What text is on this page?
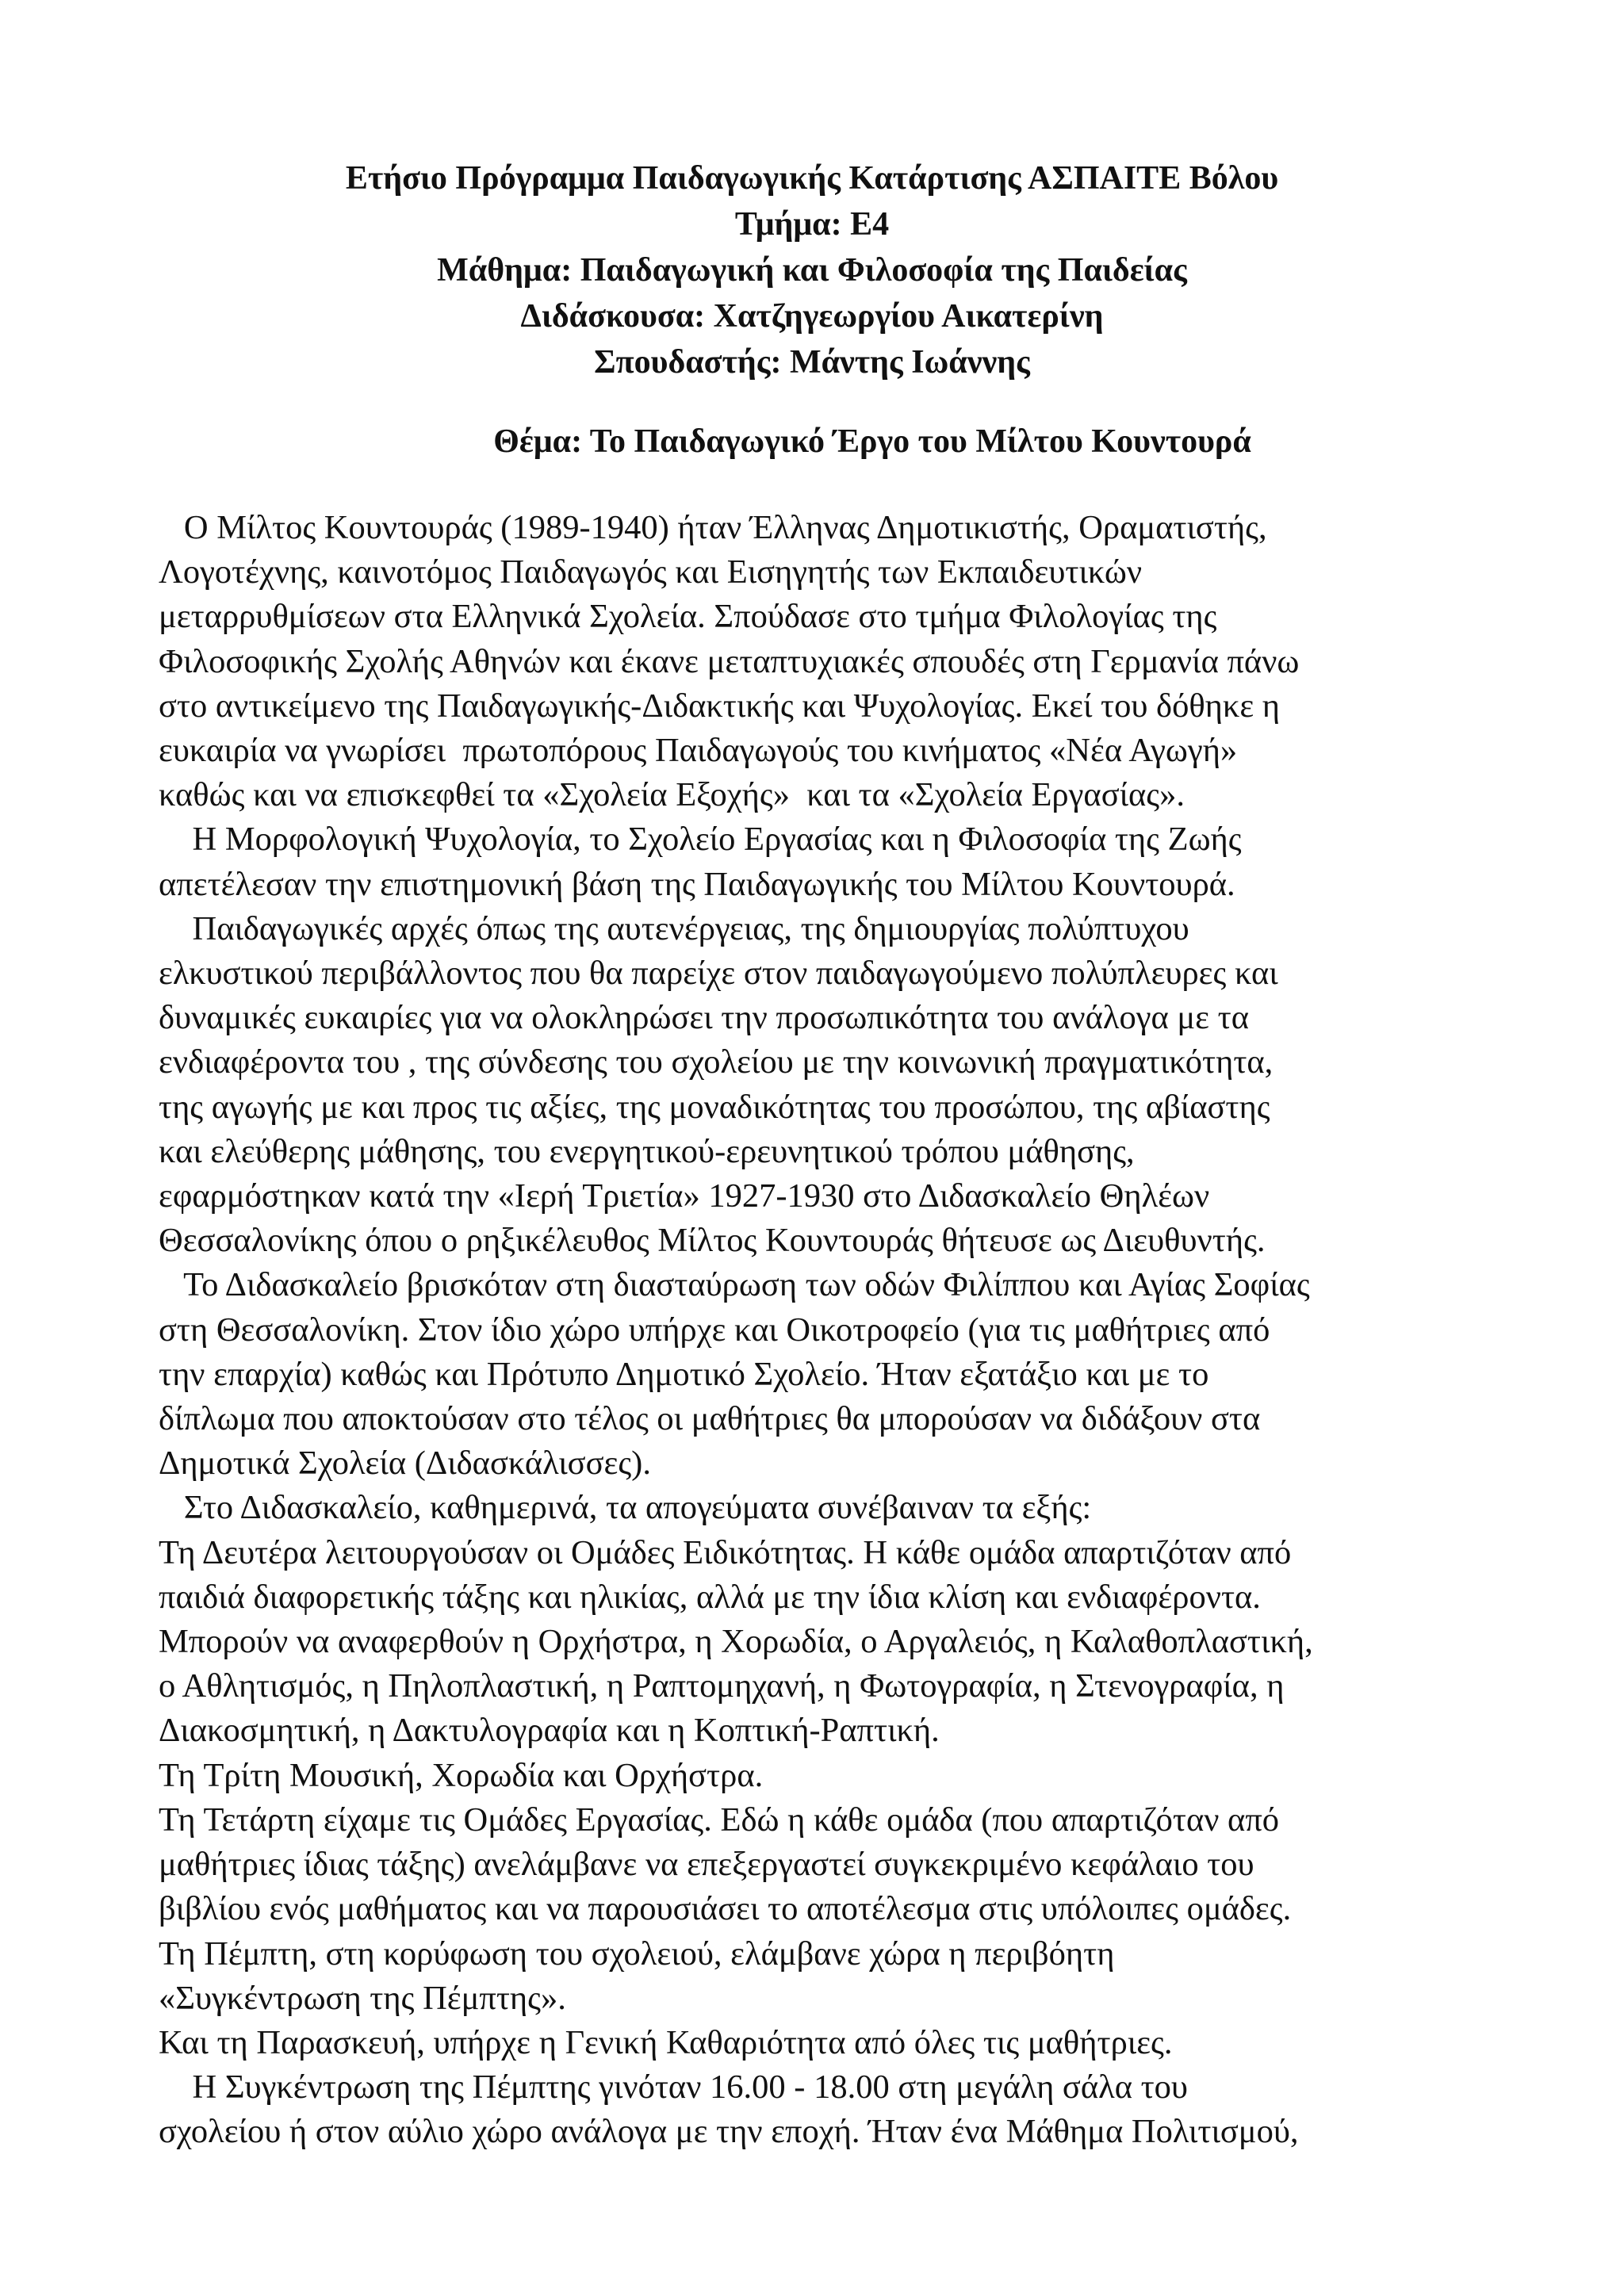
Ετήσιο Πρόγραμμα Παιδαγωγικής Κατάρτισης ΑΣΠΑΙΤΕ Βόλου
Τμήμα: Ε4
Μάθημα: Παιδαγωγική και Φιλοσοφία της Παιδείας
Διδάσκουσα: Χατζηγεωργίου Αικατερίνη
Σπουδαστής: Μάντης Ιωάννης
Θέμα: Το Παιδαγωγικό Έργο του Μίλτου Κουντουρά
Ο Μίλτος Κουντουράς (1989-1940) ήταν Έλληνας Δημοτικιστής, Οραματιστής,
Λογοτέχνης, καινοτόμος Παιδαγωγός και Εισηγητής των Εκπαιδευτικών
μεταρρυθμίσεων στα Ελληνικά Σχολεία. Σπούδασε στο τμήμα Φιλολογίας της
Φιλοσοφικής Σχολής Αθηνών και έκανε μεταπτυχιακές σπουδές στη Γερμανία πάνω
στο αντικείμενο της Παιδαγωγικής-Διδακτικής και Ψυχολογίας. Εκεί του δόθηκε η
ευκαιρία να γνωρίσει  πρωτοπόρους Παιδαγωγούς του κινήματος «Νέα Αγωγή»
καθώς και να επισκεφθεί τα «Σχολεία Εξοχής»  και τα «Σχολεία Εργασίας».
Η Μορφολογική Ψυχολογία, το Σχολείο Εργασίας και η Φιλοσοφία της Ζωής
απετέλεσαν την επιστημονική βάση της Παιδαγωγικής του Μίλτου Κουντουρά.
Παιδαγωγικές αρχές όπως της αυτενέργειας, της δημιουργίας πολύπτυχου
ελκυστικού περιβάλλοντος που θα παρείχε στον παιδαγωγούμενο πολύπλευρες και
δυναμικές ευκαιρίες για να ολοκληρώσει την προσωπικότητα του ανάλογα με τα
ενδιαφέροντα του , της σύνδεσης του σχολείου με την κοινωνική πραγματικότητα,
της αγωγής με και προς τις αξίες, της μοναδικότητας του προσώπου, της αβίαστης
και ελεύθερης μάθησης, του ενεργητικού-ερευνητικού τρόπου μάθησης,
εφαρμόστηκαν κατά την «Ιερή Τριετία» 1927-1930 στο Διδασκαλείο Θηλέων
Θεσσαλονίκης όπου ο ρηξικέλευθος Μίλτος Κουντουράς θήτευσε ως Διευθυντής.
Το Διδασκαλείο βρισκόταν στη διασταύρωση των οδών Φιλίππου και Αγίας Σοφίας
στη Θεσσαλονίκη. Στον ίδιο χώρο υπήρχε και Οικοτροφείο (για τις μαθήτριες από
την επαρχία) καθώς και Πρότυπο Δημοτικό Σχολείο. Ήταν εξατάξιο και με το
δίπλωμα που αποκτούσαν στο τέλος οι μαθήτριες θα μπορούσαν να διδάξουν στα
Δημοτικά Σχολεία (Διδασκάλισσες).
Στο Διδασκαλείο, καθημερινά, τα απογεύματα συνέβαιναν τα εξής:
Τη Δευτέρα λειτουργούσαν οι Ομάδες Ειδικότητας. Η κάθε ομάδα απαρτιζόταν από
παιδιά διαφορετικής τάξης και ηλικίας, αλλά με την ίδια κλίση και ενδιαφέροντα.
Μπορούν να αναφερθούν η Ορχήστρα, η Χορωδία, ο Αργαλειός, η Καλαθοπλαστική,
ο Αθλητισμός, η Πηλοπλαστική, η Ραπτομηχανή, η Φωτογραφία, η Στενογραφία, η
Διακοσμητική, η Δακτυλογραφία και η Κοπτική-Ραπτική.
Τη Τρίτη Μουσική, Χορωδία και Ορχήστρα.
Τη Τετάρτη είχαμε τις Ομάδες Εργασίας. Εδώ η κάθε ομάδα (που απαρτιζόταν από
μαθήτριες ίδιας τάξης) ανελάμβανε να επεξεργαστεί συγκεκριμένο κεφάλαιο του
βιβλίου ενός μαθήματος και να παρουσιάσει το αποτέλεσμα στις υπόλοιπες ομάδες.
Τη Πέμπτη, στη κορύφωση του σχολειού, ελάμβανε χώρα η περιβόητη
«Συγκέντρωση της Πέμπτης».
Και τη Παρασκευή, υπήρχε η Γενική Καθαριότητα από όλες τις μαθήτριες.
Η Συγκέντρωση της Πέμπτης γινόταν 16.00 - 18.00 στη μεγάλη σάλα του
σχολείου ή στον αύλιο χώρο ανάλογα με την εποχή. Ήταν ένα Μάθημα Πολιτισμού,
